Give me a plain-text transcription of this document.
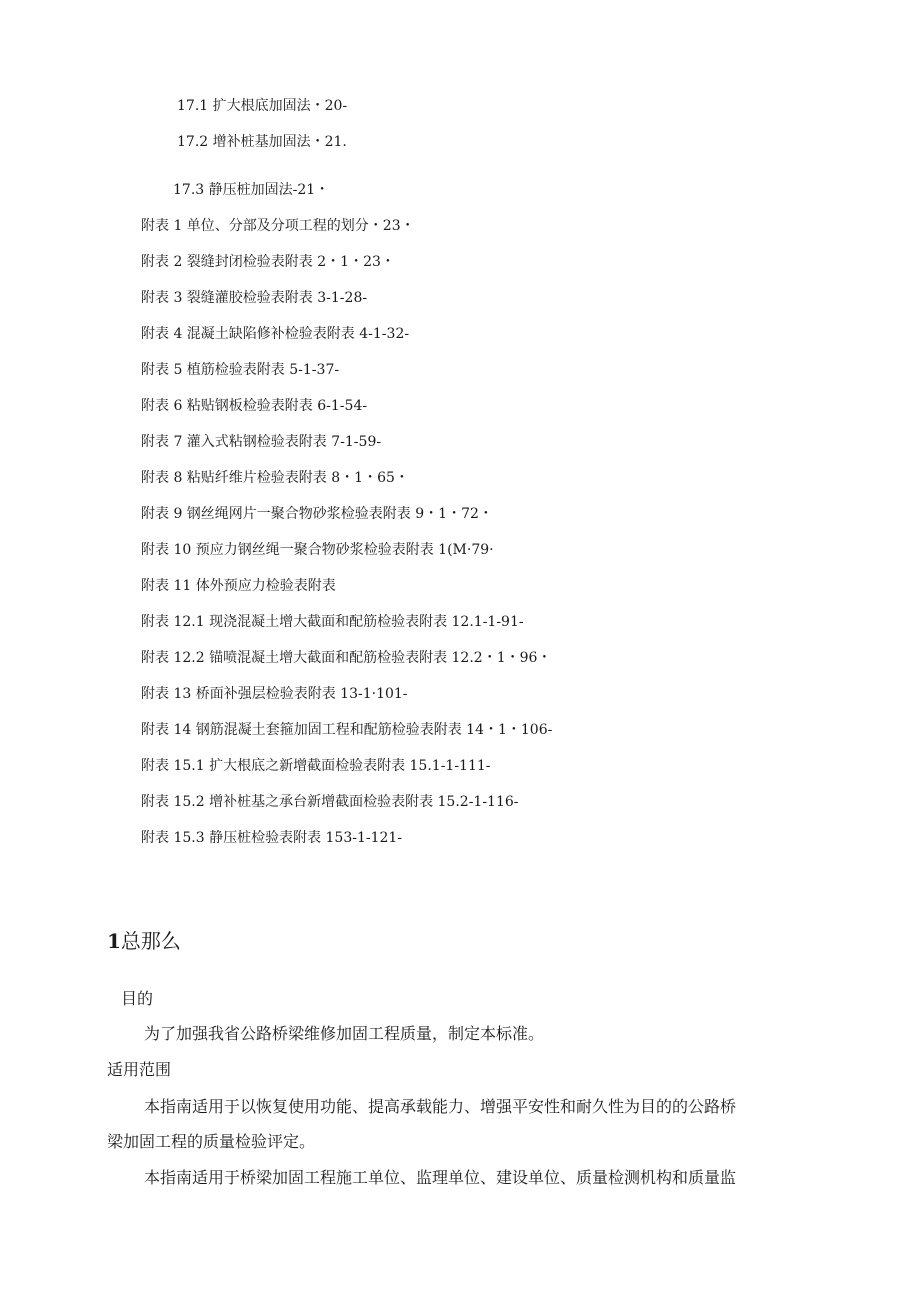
17.1 扩大根底加固法・20-
17.2 增补桩基加固法・21.
17.3 静压桩加固法-21・
附表 1 单位、分部及分项工程的划分・23・
附表 2 裂缝封闭检验表附表 2・1・23・
附表 3 裂缝灌胶检验表附表 3-1-28-
附表 4 混凝土缺陷修补检验表附表 4-1-32-
附表 5 植筋检验表附表 5-1-37-
附表 6 粘贴钢板检验表附表 6-1-54-
附表 7 灌入式粘钢检验表附表 7-1-59-
附表 8 粘贴纤维片检验表附表 8・1・65・
附表 9 钢丝绳网片一聚合物砂浆检验表附表 9・1・72・
附表 10 预应力钢丝绳一聚合物砂浆检验表附表 1(M·79·
附表 11 体外预应力检验表附表
附表 12.1 现浇混凝土增大截面和配筋检验表附表 12.1-1-91-
附表 12.2 锚喷混凝土增大截面和配筋检验表附表 12.2・1・96・
附表 13 桥面补强层检验表附表 13-1·101-
附表 14 钢筋混凝土套箍加固工程和配筋检验表附表 14・1・106-
附表 15.1 扩大根底之新增截面检验表附表 15.1-1-111-
附表 15.2 增补桩基之承台新增截面检验表附表 15.2-1-116-
附表 15.3 静压桩检验表附表 153-1-121-
1总那么
目的
为了加强我省公路桥梁维修加固工程质量，制定本标准。
适用范围
本指南适用于以恢复使用功能、提高承载能力、增强平安性和耐久性为目的的公路桥
梁加固工程的质量检验评定。
本指南适用于桥梁加固工程施工单位、监理单位、建设单位、质量检测机构和质量监
